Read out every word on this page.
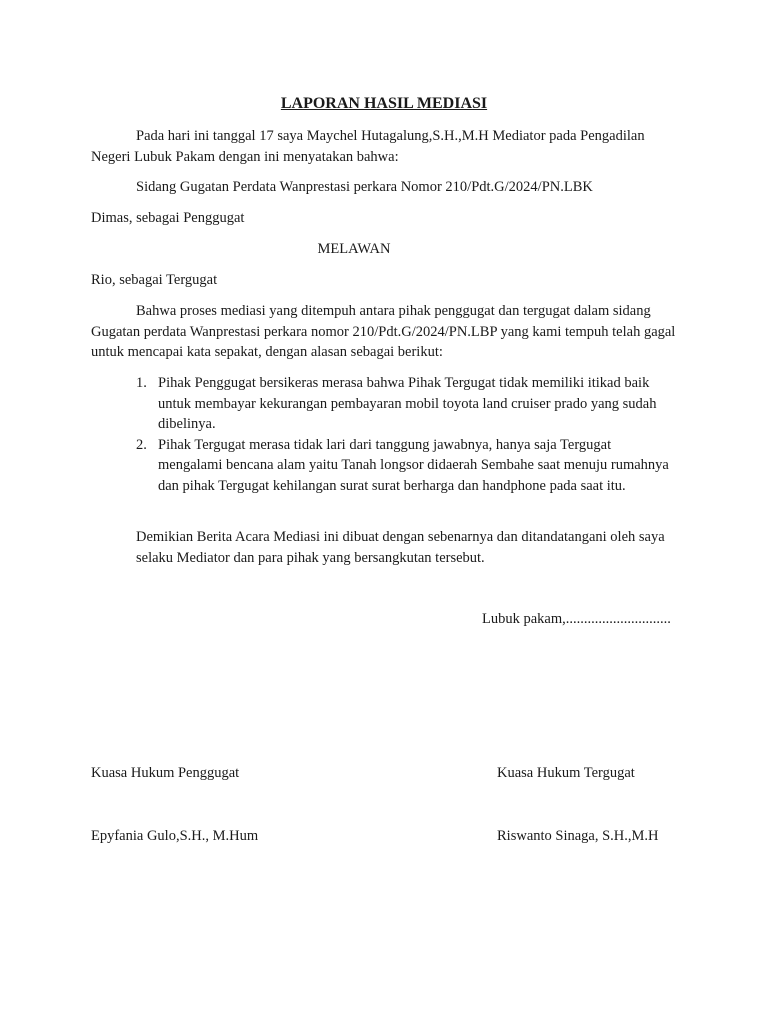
LAPORAN HASIL MEDIASI
Pada hari ini tanggal 17 saya Maychel Hutagalung,S.H.,M.H Mediator pada Pengadilan Negeri Lubuk Pakam dengan ini menyatakan bahwa:
Sidang Gugatan Perdata Wanprestasi perkara Nomor 210/Pdt.G/2024/PN.LBK
Dimas, sebagai Penggugat
MELAWAN
Rio, sebagai Tergugat
Bahwa proses mediasi yang ditempuh antara pihak penggugat dan tergugat dalam sidang Gugatan perdata Wanprestasi perkara nomor 210/Pdt.G/2024/PN.LBP yang kami tempuh telah gagal untuk mencapai kata sepakat, dengan alasan sebagai berikut:
1. Pihak Penggugat bersikeras merasa bahwa Pihak Tergugat tidak memiliki itikad baik untuk membayar kekurangan pembayaran mobil toyota land cruiser prado yang sudah dibelinya.
2. Pihak Tergugat merasa tidak lari dari tanggung jawabnya, hanya saja Tergugat mengalami bencana alam yaitu Tanah longsor didaerah Sembahe saat menuju rumahnya dan pihak Tergugat kehilangan surat surat berharga dan handphone pada saat itu.
Demikian Berita Acara Mediasi ini dibuat dengan sebenarnya dan ditandatangani oleh saya selaku Mediator dan para pihak yang bersangkutan tersebut.
Lubuk pakam,.............................
Kuasa Hukum Penggugat	Kuasa Hukum Tergugat
Epyfania Gulo,S.H., M.Hum	Riswanto Sinaga, S.H.,M.H
